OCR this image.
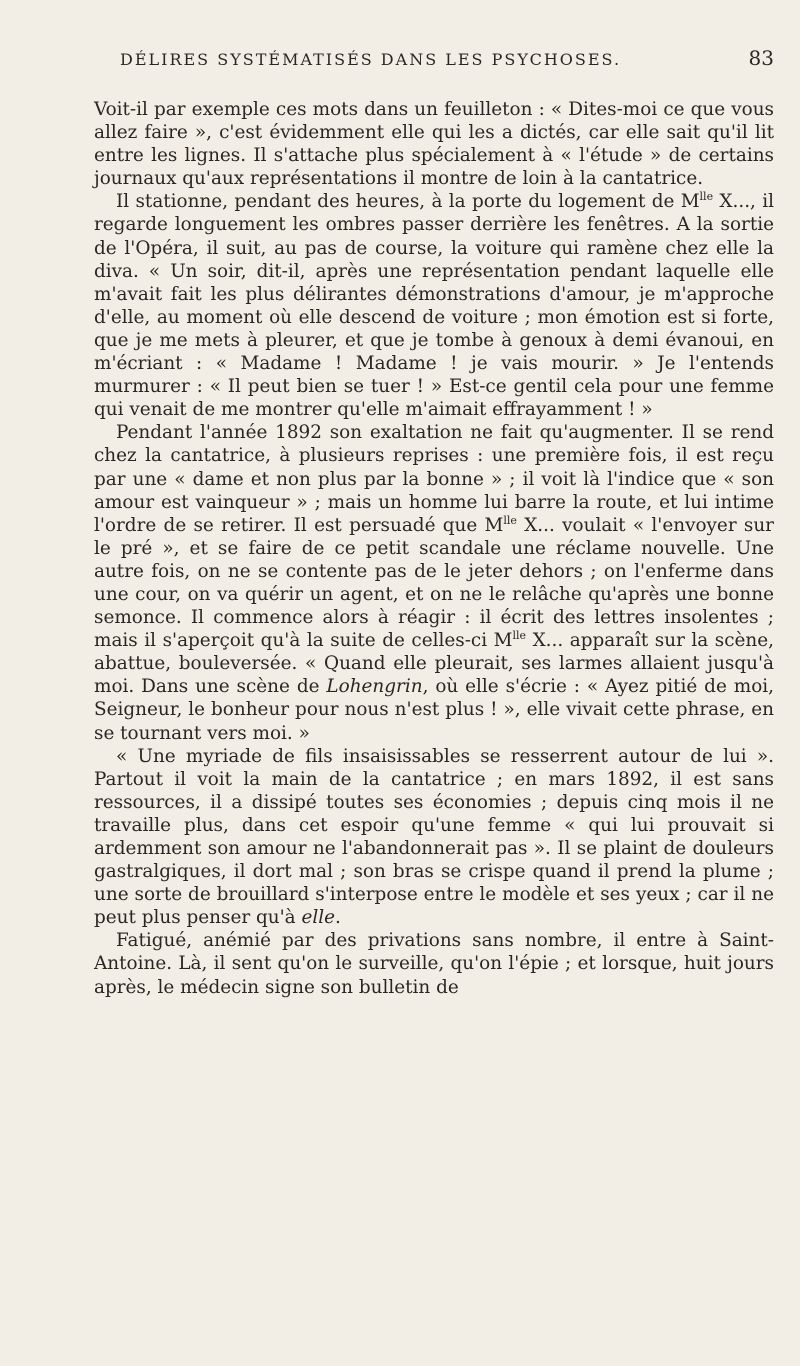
DÉLIRES SYSTÉMATISÉS DANS LES PSYCHOSES.	83

Voit-il par exemple ces mots dans un feuilleton : « Dites-moi ce que vous allez faire », c'est évidemment elle qui les a dictés, car elle sait qu'il lit entre les lignes. Il s'attache plus spécialement à « l'étude » de certains journaux qu'aux représentations il montre de loin à la cantatrice.

Il stationne, pendant des heures, à la porte du logement de $M^{lle}$ X..., il regarde longuement les ombres passer derrière les fenêtres. A la sortie de l'Opéra, il suit, au pas de course, la voiture qui ramène chez elle la diva. « Un soir, dit-il, après une représentation pendant laquelle elle m'avait fait les plus délirantes démonstrations d'amour, je m'approche d'elle, au moment où elle descend de voiture ; mon émotion est si forte, que je me mets à pleurer, et que je tombe à genoux à demi évanoui, en m'écriant : « Madame ! Madame ! je vais mourir. » Je l'entends murmurer : « Il peut bien se tuer ! » Est-ce gentil cela pour une femme qui venait de me montrer qu'elle m'aimait effrayamment ! »

Pendant l'année 1892 son exaltation ne fait qu'augmenter. Il se rend chez la cantatrice, à plusieurs reprises : une première fois, il est reçu par une « dame et non plus par la bonne » ; il voit là l'indice que « son amour est vainqueur » ; mais un homme lui barre la route, et lui intime l'ordre de se retirer. Il est persuadé que $M^{lle}$ X... voulait « l'envoyer sur le pré », et se faire de ce petit scandale une réclame nouvelle. Une autre fois, on ne se contente pas de le jeter dehors ; on l'enferme dans une cour, on va quérir un agent, et on ne le relâche qu'après une bonne semonce. Il commence alors à réagir : il écrit des lettres insolentes ; mais il s'aperçoit qu'à la suite de celles-ci $M^{lle}$ X... apparaît sur la scène, abattue, bouleversée. « Quand elle pleurait, ses larmes allaient jusqu'à moi. Dans une scène de Lohengrin, où elle s'écrie : « Ayez pitié de moi, Seigneur, le bonheur pour nous n'est plus ! », elle vivait cette phrase, en se tournant vers moi. »

« Une myriade de fils insaisissables se resserrent autour de lui ». Partout il voit la main de la cantatrice ; en mars 1892, il est sans ressources, il a dissipé toutes ses économies ; depuis cinq mois il ne travaille plus, dans cet espoir qu'une femme « qui lui prouvait si ardemment son amour ne l'abandonnerait pas ». Il se plaint de douleurs gastralgiques, il dort mal ; son bras se crispe quand il prend la plume ; une sorte de brouillard s'interpose entre le modèle et ses yeux ; car il ne peut plus penser qu'à elle.

Fatigué, anémié par des privations sans nombre, il entre à Saint-Antoine. Là, il sent qu'on le surveille, qu'on l'épie ; et lorsque, huit jours après, le médecin signe son bulletin de
